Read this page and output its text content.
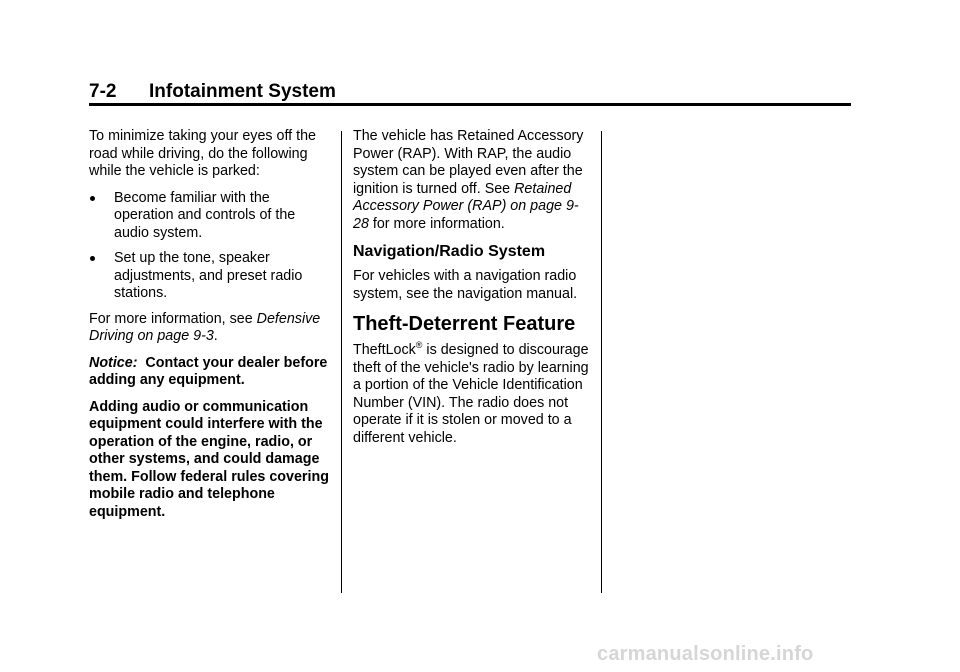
7-2 Infotainment System

To minimize taking your eyes off the road while driving, do the following while the vehicle is parked:

Become familiar with the operation and controls of the audio system.
Set up the tone, speaker adjustments, and preset radio stations.

For more information, see Defensive Driving on page 9-3.

Notice: Contact your dealer before adding any equipment.

Adding audio or communication equipment could interfere with the operation of the engine, radio, or other systems, and could damage them. Follow federal rules covering mobile radio and telephone equipment.

The vehicle has Retained Accessory Power (RAP). With RAP, the audio system can be played even after the ignition is turned off. See Retained Accessory Power (RAP) on page 9-28 for more information.

Navigation/Radio System

For vehicles with a navigation radio system, see the navigation manual.

Theft-Deterrent Feature

TheftLock® is designed to discourage theft of the vehicle's radio by learning a portion of the Vehicle Identification Number (VIN). The radio does not operate if it is stolen or moved to a different vehicle.

carmanualsonline.info
